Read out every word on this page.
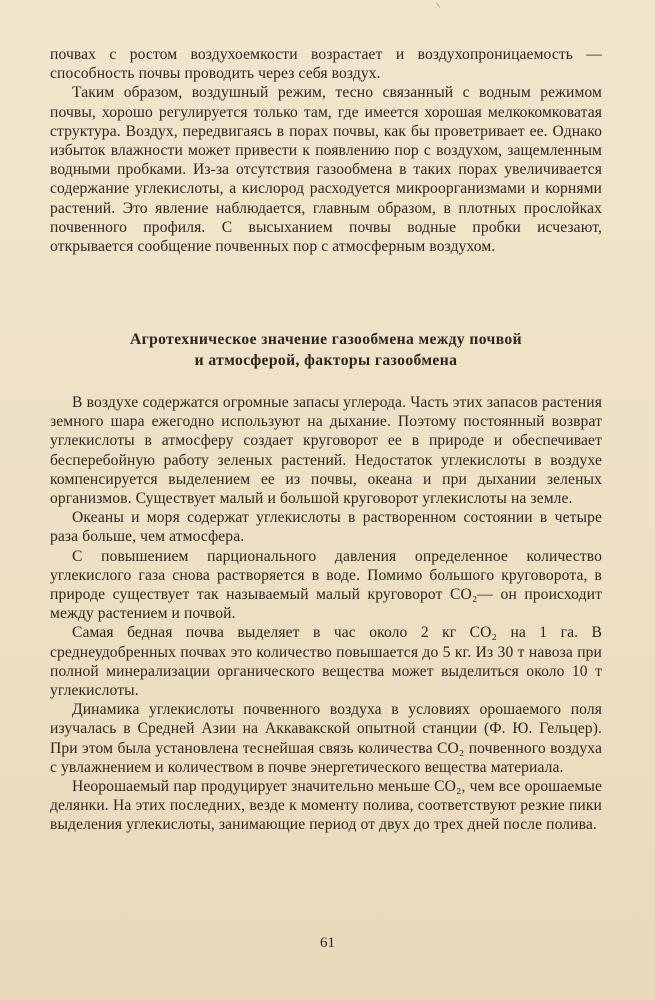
почвах с ростом воздухоемкости возрастает и воздухопроницаемость — способность почвы проводить через себя воздух.

Таким образом, воздушный режим, тесно связанный с водным режимом почвы, хорошо регулируется только там, где имеется хорошая мелкокомковатая структура. Воздух, передвигаясь в порах почвы, как бы проветривает ее. Однако избыток влажности может привести к появлению пор с воздухом, защемленным водными пробками. Из-за отсутствия газообмена в таких порах увеличивается содержание углекислоты, а кислород расходуется микроорганизмами и корнями растений. Это явление наблюдается, главным образом, в плотных прослойках почвенного профиля. С высыханием почвы водные пробки исчезают, открывается сообщение почвенных пор с атмосферным воздухом.

Агротехническое значение газообмена между почвой
и атмосферой, факторы газообмена

В воздухе содержатся огромные запасы углерода. Часть этих запасов растения земного шара ежегодно используют на дыхание. Поэтому постоянный возврат углекислоты в атмосферу создает круговорот ее в природе и обеспечивает бесперебойную работу зеленых растений. Недостаток углекислоты в воздухе компенсируется выделением ее из почвы, океана и при дыхании зеленых организмов. Существует малый и большой круговорот углекислоты на земле.

Океаны и моря содержат углекислоты в растворенном состоянии в четыре раза больше, чем атмосфера.

С повышением парционального давления определенное количество углекислого газа снова растворяется в воде. Помимо большого круговорота, в природе существует так называемый малый круговорот CO₂— он происходит между растением и почвой.

Самая бедная почва выделяет в час около 2 кг CO₂ на 1 га. В среднеудобренных почвах это количество повышается до 5 кг. Из 30 т навоза при полной минерализации органического вещества может выделиться около 10 т углекислоты.

Динамика углекислоты почвенного воздуха в условиях орошаемого поля изучалась в Средней Азии на Аккавакской опытной станции (Ф. Ю. Гельцер). При этом была установлена теснейшая связь количества CO₂ почвенного воздуха с увлажнением и количеством в почве энергетического вещества материала.

Неорошаемый пар продуцирует значительно меньше CO₂, чем все орошаемые делянки. На этих последних, везде к моменту полива, соответствуют резкие пики выделения углекислоты, занимающие период от двух до трех дней после полива.

61
